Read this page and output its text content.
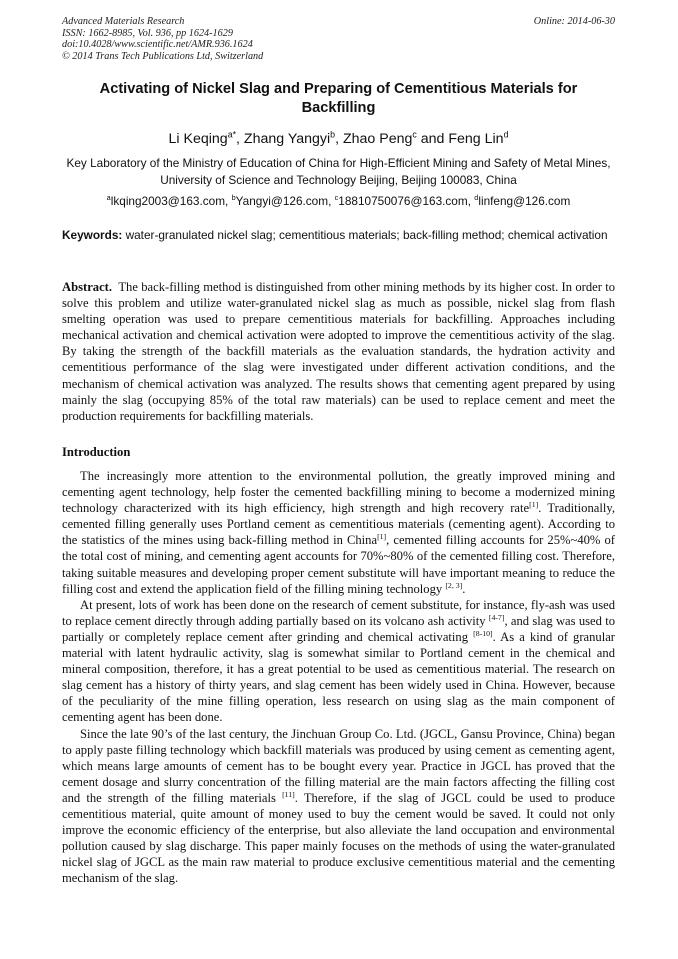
Advanced Materials Research
ISSN: 1662-8985, Vol. 936, pp 1624-1629
doi:10.4028/www.scientific.net/AMR.936.1624
© 2014 Trans Tech Publications Ltd, Switzerland
Online: 2014-06-30
Activating of Nickel Slag and Preparing of Cementitious Materials for Backfilling
Li Keqing$^{a*}$, Zhang Yangyi$^b$, Zhao Peng$^c$ and Feng Lin$^d$
Key Laboratory of the Ministry of Education of China for High-Efficient Mining and Safety of Metal Mines, University of Science and Technology Beijing, Beijing 100083, China
$^a$lkqing2003@163.com, $^b$Yangyi@126.com, $^c$18810750076@163.com, $^d$linfeng@126.com
Keywords: water-granulated nickel slag; cementitious materials; back-filling method; chemical activation
Abstract. The back-filling method is distinguished from other mining methods by its higher cost. In order to solve this problem and utilize water-granulated nickel slag as much as possible, nickel slag from flash smelting operation was used to prepare cementitious materials for backfilling. Approaches including mechanical activation and chemical activation were adopted to improve the cementitious activity of the slag. By taking the strength of the backfill materials as the evaluation standards, the hydration activity and cementitious performance of the slag were investigated under different activation conditions, and the mechanism of chemical activation was analyzed. The results shows that cementing agent prepared by using mainly the slag (occupying 85% of the total raw materials) can be used to replace cement and meet the production requirements for backfilling materials.
Introduction

The increasingly more attention to the environmental pollution, the greatly improved mining and cementing agent technology, help foster the cemented backfilling mining to become a modernized mining technology characterized with its high efficiency, high strength and high recovery rate[1]. Traditionally, cemented filling generally uses Portland cement as cementitious materials (cementing agent). According to the statistics of the mines using back-filling method in China[1], cemented filling accounts for 25%~40% of the total cost of mining, and cementing agent accounts for 70%~80% of the cemented filling cost. Therefore, taking suitable measures and developing proper cement substitute will have important meaning to reduce the filling cost and extend the application field of the filling mining technology [2, 3].

At present, lots of work has been done on the research of cement substitute, for instance, fly-ash was used to replace cement directly through adding partially based on its volcano ash activity [4-7], and slag was used to partially or completely replace cement after grinding and chemical activating [8-10]. As a kind of granular material with latent hydraulic activity, slag is somewhat similar to Portland cement in the chemical and mineral composition, therefore, it has a great potential to be used as cementitious material. The research on slag cement has a history of thirty years, and slag cement has been widely used in China. However, because of the peculiarity of the mine filling operation, less research on using slag as the main component of cementing agent has been done.

Since the late 90’s of the last century, the Jinchuan Group Co. Ltd. (JGCL, Gansu Province, China) began to apply paste filling technology which backfill materials was produced by using cement as cementing agent, which means large amounts of cement has to be bought every year. Practice in JGCL has proved that the cement dosage and slurry concentration of the filling material are the main factors affecting the filling cost and the strength of the filling materials [11]. Therefore, if the slag of JGCL could be used to produce cementitious material, quite amount of money used to buy the cement would be saved. It could not only improve the economic efficiency of the enterprise, but also alleviate the land occupation and environmental pollution caused by slag discharge. This paper mainly focuses on the methods of using the water-granulated nickel slag of JGCL as the main raw material to produce exclusive cementitious material and the cementing mechanism of the slag.
